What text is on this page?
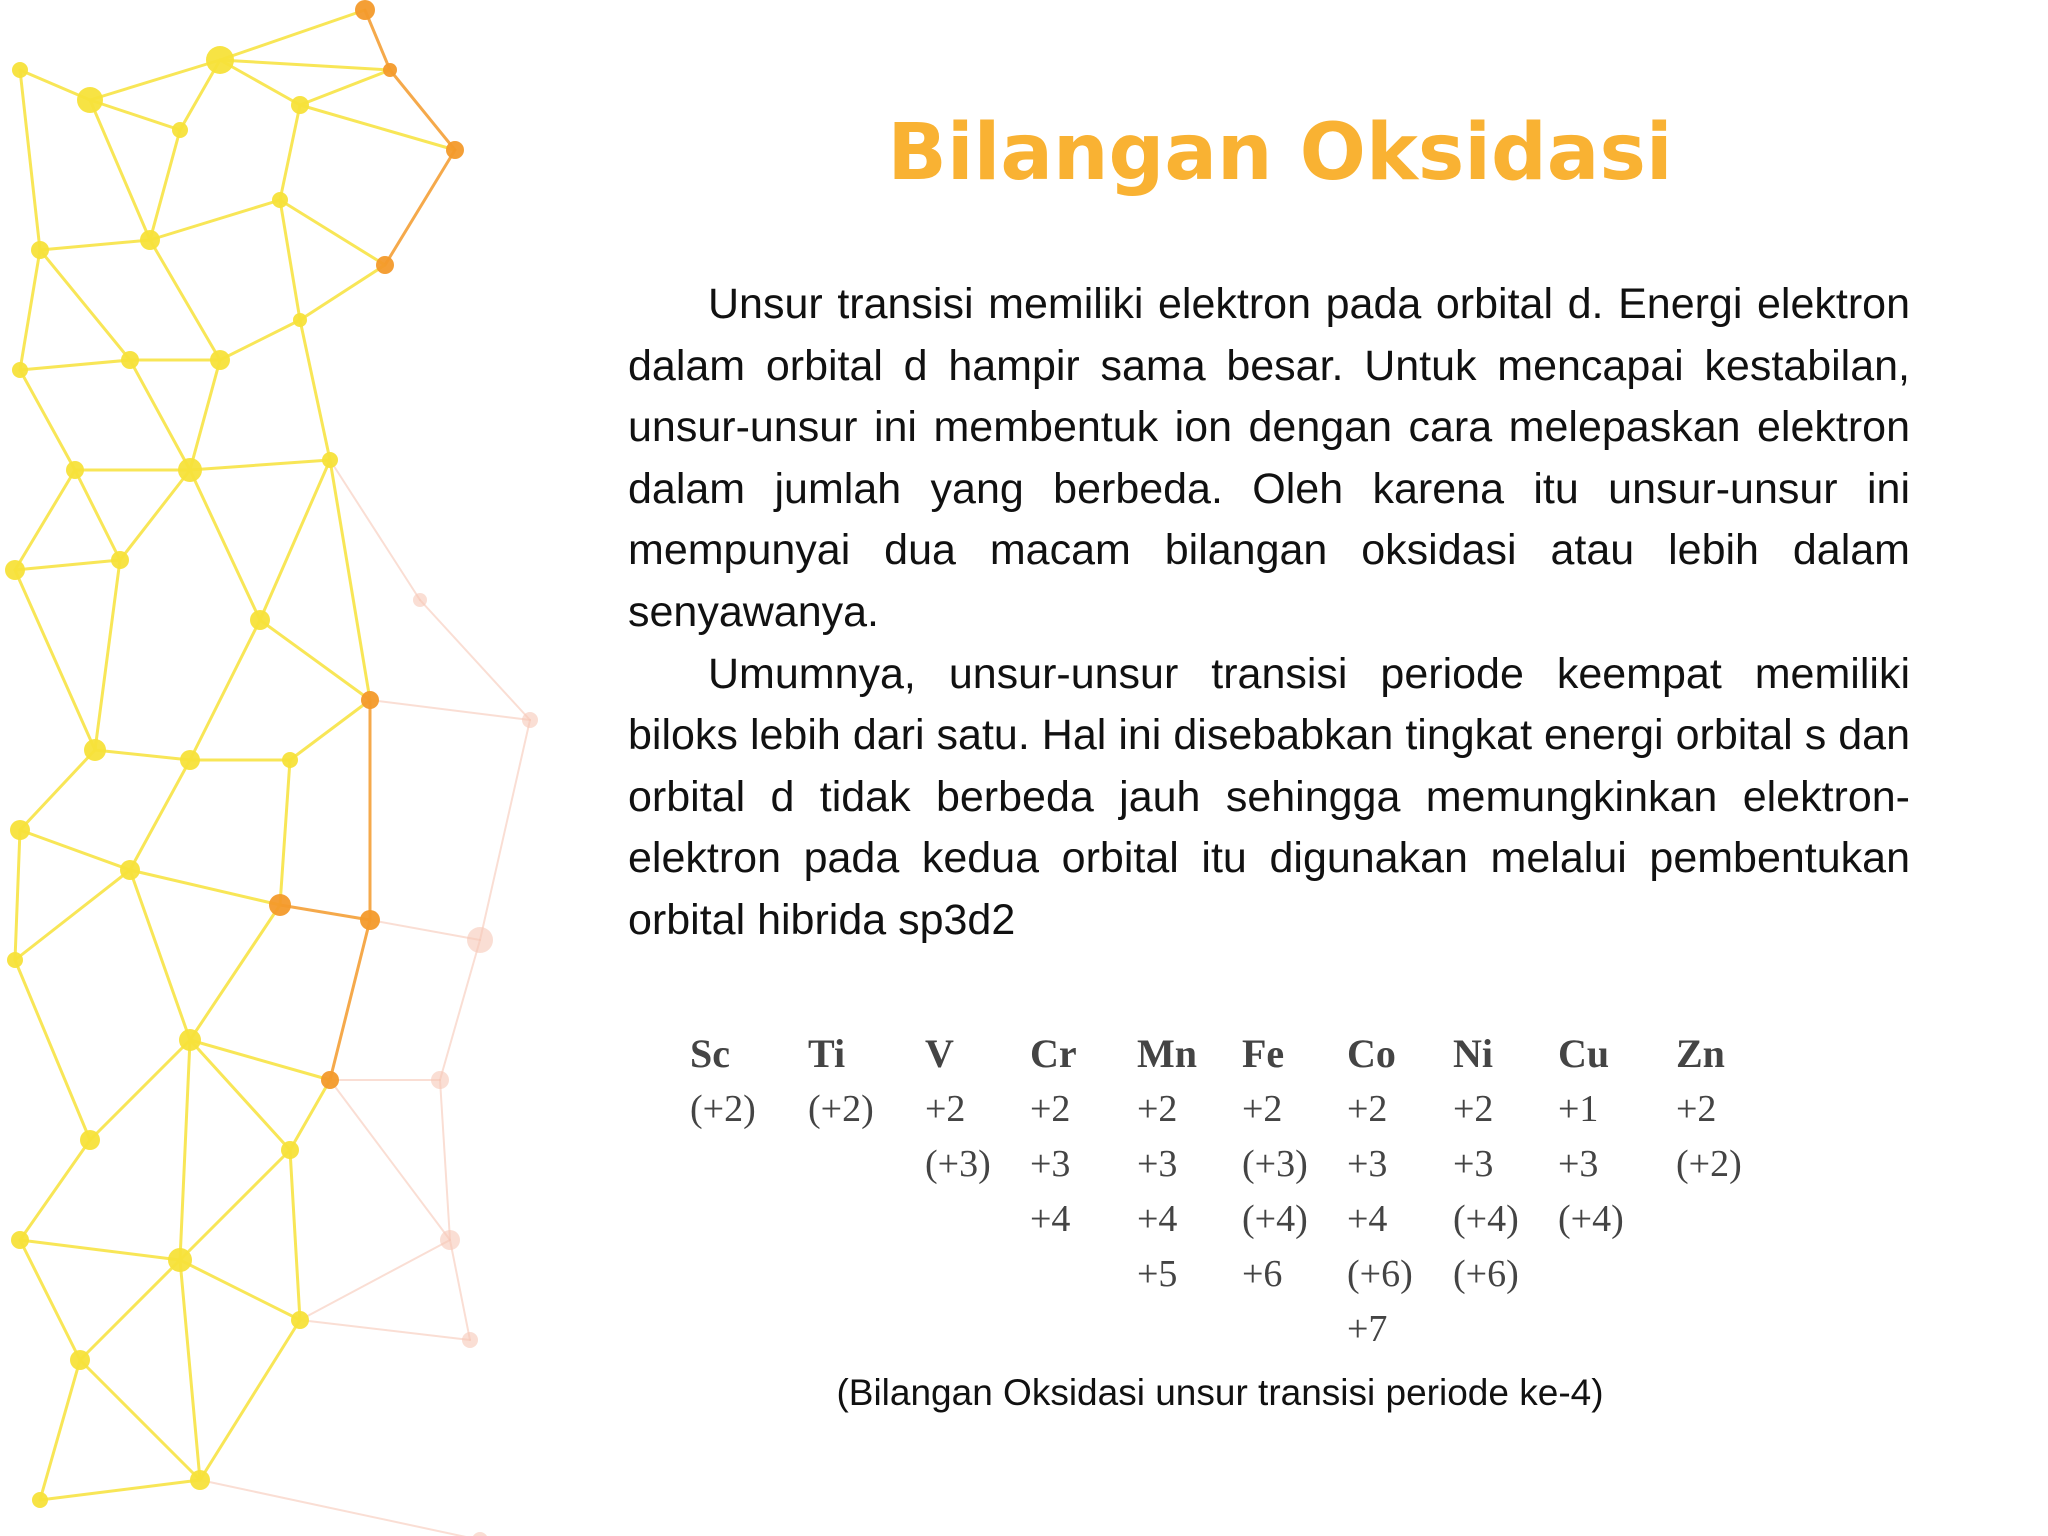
Bilangan Oksidasi

Unsur transisi memiliki elektron pada orbital d. Energi elektron dalam orbital d hampir sama besar. Untuk mencapai kestabilan, unsur-unsur ini membentuk ion dengan cara melepaskan elektron dalam jumlah yang berbeda. Oleh karena itu unsur-unsur ini mempunyai dua macam bilangan oksidasi atau lebih dalam senyawanya.

Umumnya, unsur-unsur transisi periode keempat memiliki biloks lebih dari satu. Hal ini disebabkan tingkat energi orbital s dan orbital d tidak berbeda jauh sehingga memungkinkan elektron-elektron pada kedua orbital itu digunakan melalui pembentukan orbital hibrida sp3d2

Sc
(+2)
Ti
(+2)
V
+2
(+3)
Cr
+2
+3
+4
Mn
+2
+3
+4
+5
Fe
+2
(+3)
(+4)
+6
Co
+2
+3
+4
(+6)
+7
Ni
+2
+3
(+4)
(+6)
Cu
+1
+3
(+4)
Zn
+2
(+2)
(Bilangan Oksidasi unsur transisi periode ke-4)
